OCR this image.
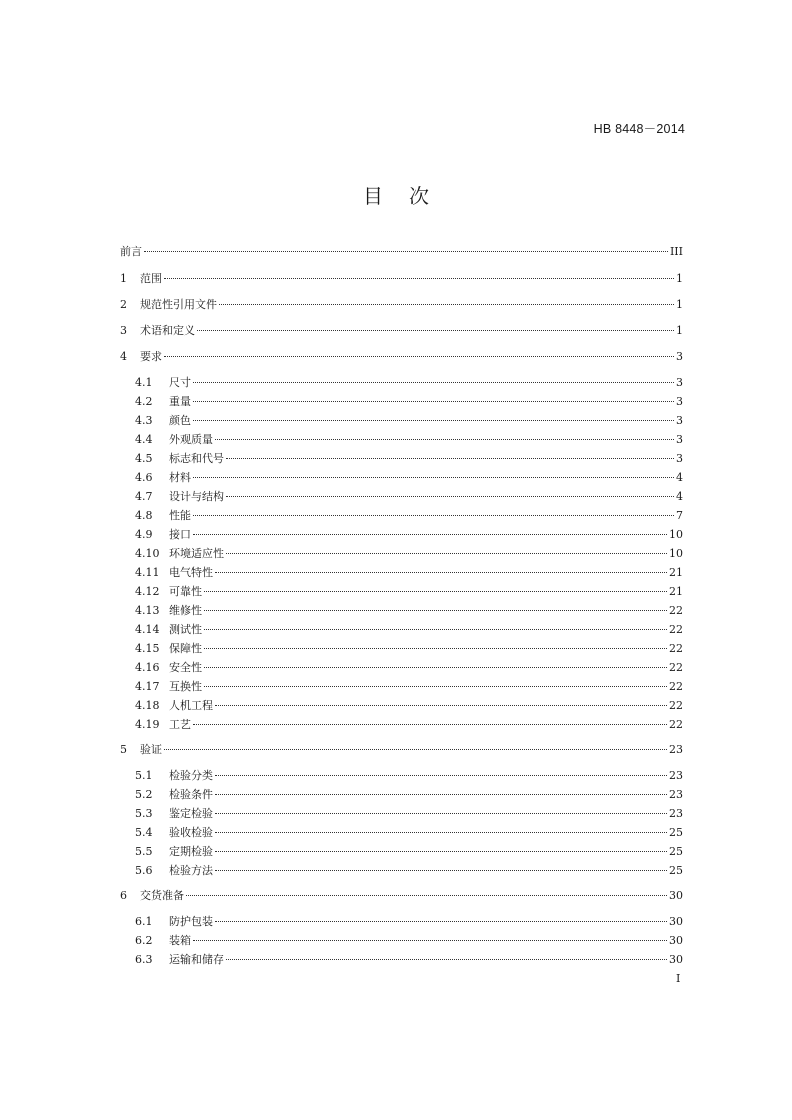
HB 8448－2014
目次
前言	III
1	范围	1
2	规范性引用文件	1
3	术语和定义	1
4	要求	3
4.1	尺寸	3
4.2	重量	3
4.3	颜色	3
4.4	外观质量	3
4.5	标志和代号	3
4.6	材料	4
4.7	设计与结构	4
4.8	性能	7
4.9	接口	10
4.10 环境适应性	10
4.11 电气特性	21
4.12 可靠性	21
4.13 维修性	22
4.14 测试性	22
4.15 保障性	22
4.16 安全性	22
4.17 互换性	22
4.18 人机工程	22
4.19 工艺	22
5	验证	23
5.1	检验分类	23
5.2	检验条件	23
5.3	鉴定检验	23
5.4	验收检验	25
5.5	定期检验	25
5.6	检验方法	25
6	交货准备	30
6.1	防护包装	30
6.2	装箱	30
6.3	运输和储存	30
I
